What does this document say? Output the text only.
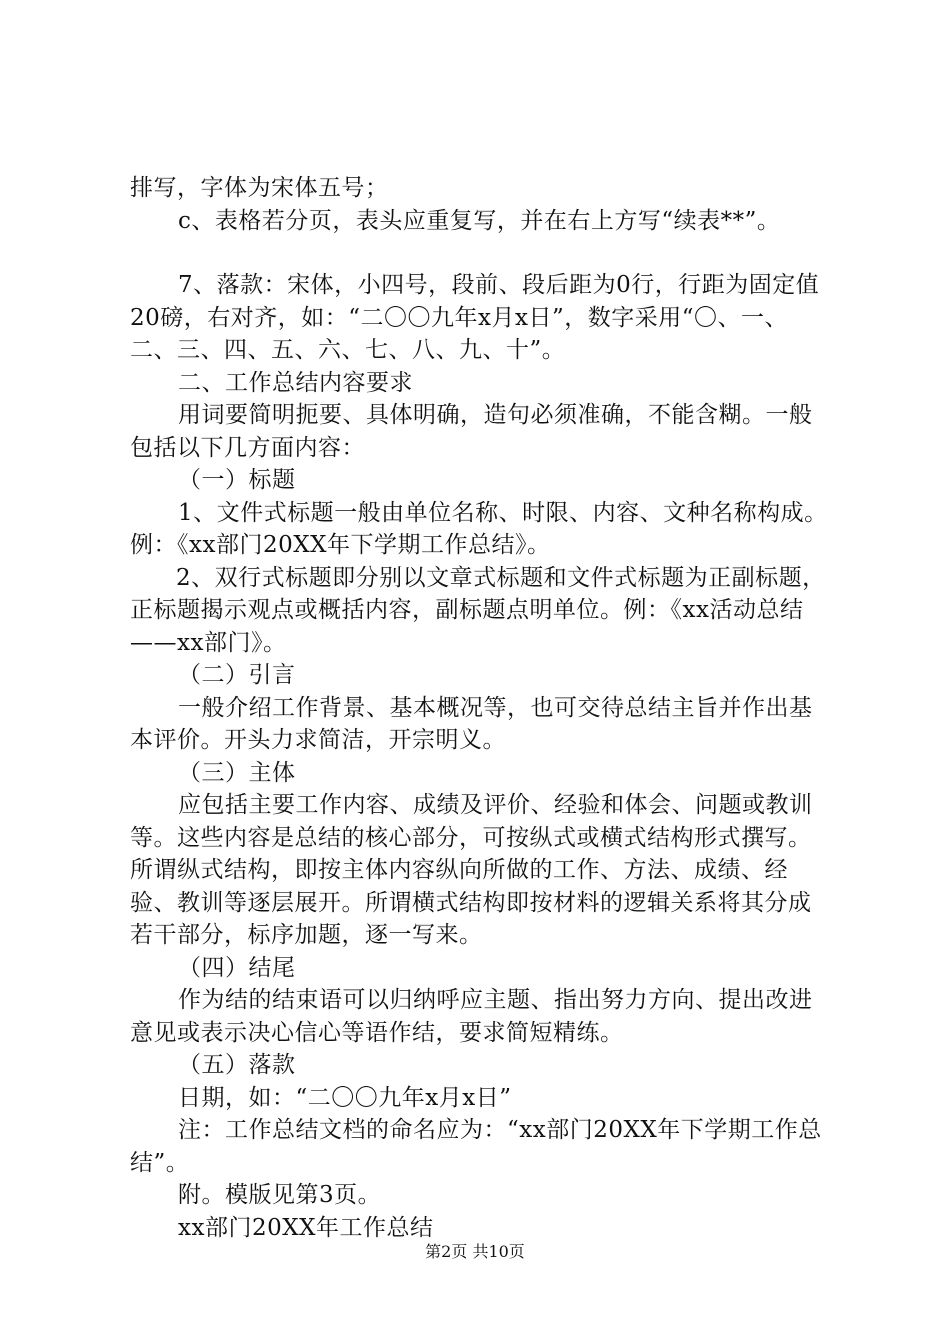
排写，字体为宋体五号；

c、表格若分页，表头应重复写，并在右上方写“续表**”。

7、落款：宋体，小四号，段前、段后距为0行，行距为固定值20磅，右对齐，如：“二〇〇九年x月x日”，数字采用“〇、一、二、三、四、五、六、七、八、九、十”。

二、工作总结内容要求

用词要简明扼要、具体明确，造句必须准确，不能含糊。一般包括以下几方面内容：

（一）标题

1、文件式标题一般由单位名称、时限、内容、文种名称构成。例：《xx部门20XX年下学期工作总结》。

2、双行式标题即分别以文章式标题和文件式标题为正副标题，正标题揭示观点或概括内容，副标题点明单位。例：《xx活动总结——xx部门》。

（二）引言

一般介绍工作背景、基本概况等，也可交待总结主旨并作出基本评价。开头力求简洁，开宗明义。

（三）主体

应包括主要工作内容、成绩及评价、经验和体会、问题或教训等。这些内容是总结的核心部分，可按纵式或横式结构形式撰写。所谓纵式结构，即按主体内容纵向所做的工作、方法、成绩、经验、教训等逐层展开。所谓横式结构即按材料的逻辑关系将其分成若干部分，标序加题，逐一写来。

（四）结尾

作为结的结束语可以归纳呼应主题、指出努力方向、提出改进意见或表示决心信心等语作结，要求简短精练。

（五）落款

日期，如：“二〇〇九年x月x日”

注：工作总结文档的命名应为：“xx部门20XX年下学期工作总结”。

附。模版见第3页。

xx部门20XX年工作总结

第2页 共10页
